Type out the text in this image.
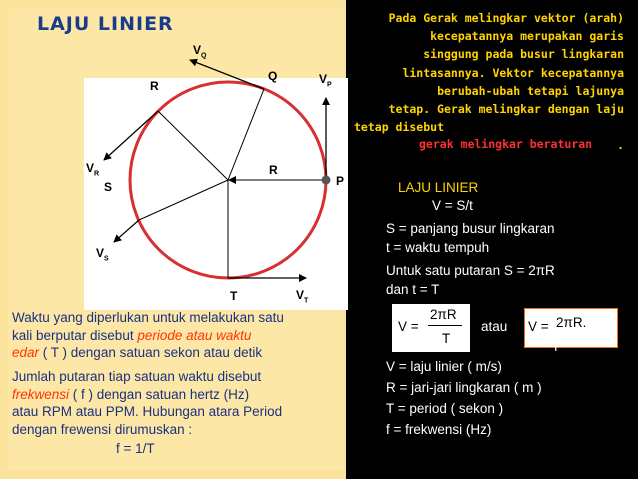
LAJU LINIER
$V_Q$
R
Q	$V_P$
$V_R$
S
R
P
$V_S$
T	$V_T$
Pada Gerak melingkar vektor (arah)
kecepatannya merupakan garis
singgung pada busur lingkaran
lintasannya. Vektor kecepatannya
berubah-ubah tetapi lajunya
tetap. Gerak melingkar dengan laju
tetap disebut
.
gerak melingkar beraturan
LAJU LINIER
V = S/t
S = panjang busur lingkaran
t = waktu tempuh
Untuk satu putaran S = 2πR
dan t = T
V =
2πR
T
atau V = 2πR.
f
V = laju linier ( m/s)
R = jari-jari lingkaran ( m )
T = period ( sekon )
f = frekwensi (Hz)
Waktu yang diperlukan untuk melakukan satu
kali berputar disebut periode atau waktu
edar ( T ) dengan satuan sekon atau detik
Jumlah putaran tiap satuan waktu disebut
frekwensi ( f ) dengan satuan hertz (Hz)
atau RPM atau PPM. Hubungan atara Period
dengan frewensi dirumuskan :
f = 1/T
